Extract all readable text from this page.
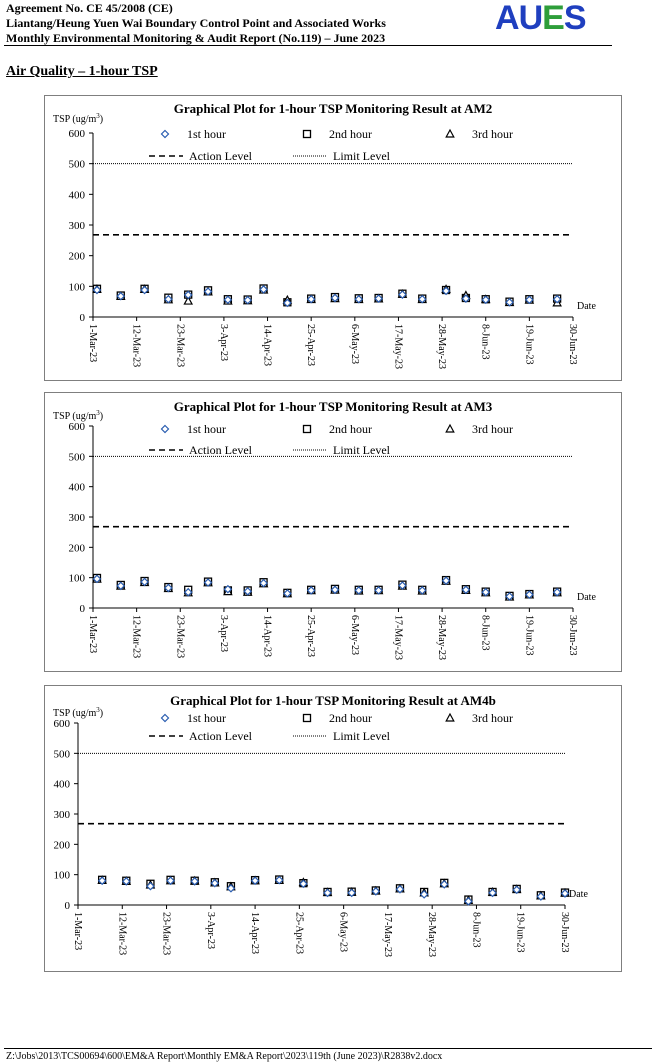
Agreement No. CE 45/2008 (CE)
Liantang/Heung Yuen Wai Boundary Control Point and Associated Works
Monthly Environmental Monitoring & Audit Report (No.119) – June 2023
AUES
Air Quality – 1-hour TSP
Graphical Plot for 1-hour TSP Monitoring Result at AM2
TSP $(ug/m^3)$
0
100
200
300
400
500
600
1-Mar-23	12-Mar-23	23-Mar-23	3-Apr-23	14-Apr-23	25-Apr-23	6-May-23	17-May-23	28-May-23	8-Jun-23	19-Jun-23	30-Jun-23
Date
1st hour	2nd hour	3rd hour
Action Level	Limit Level
Graphical Plot for 1-hour TSP Monitoring Result at AM3
TSP $(ug/m^3)$
0
100
200
300
400
500
600
1-Mar-23	12-Mar-23	23-Mar-23	3-Apr-23	14-Apr-23	25-Apr-23	6-May-23	17-May-23	28-May-23	8-Jun-23	19-Jun-23	30-Jun-23
Date
1st hour	2nd hour	3rd hour
Action Level	Limit Level
Graphical Plot for 1-hour TSP Monitoring Result at AM4b
TSP $(ug/m^3)$
0
100
200
300
400
500
600
1-Mar-23	12-Mar-23	23-Mar-23	3-Apr-23	14-Apr-23	25-Apr-23	6-May-23	17-May-23	28-May-23	8-Jun-23	19-Jun-23	30-Jun-23
Date
1st hour	2nd hour	3rd hour
Action Level	Limit Level
Z:\Jobs\2013\TCS00694\600\EM&A Report\Monthly EM&A Report\2023\119th (June 2023)\R2838v2.docx
